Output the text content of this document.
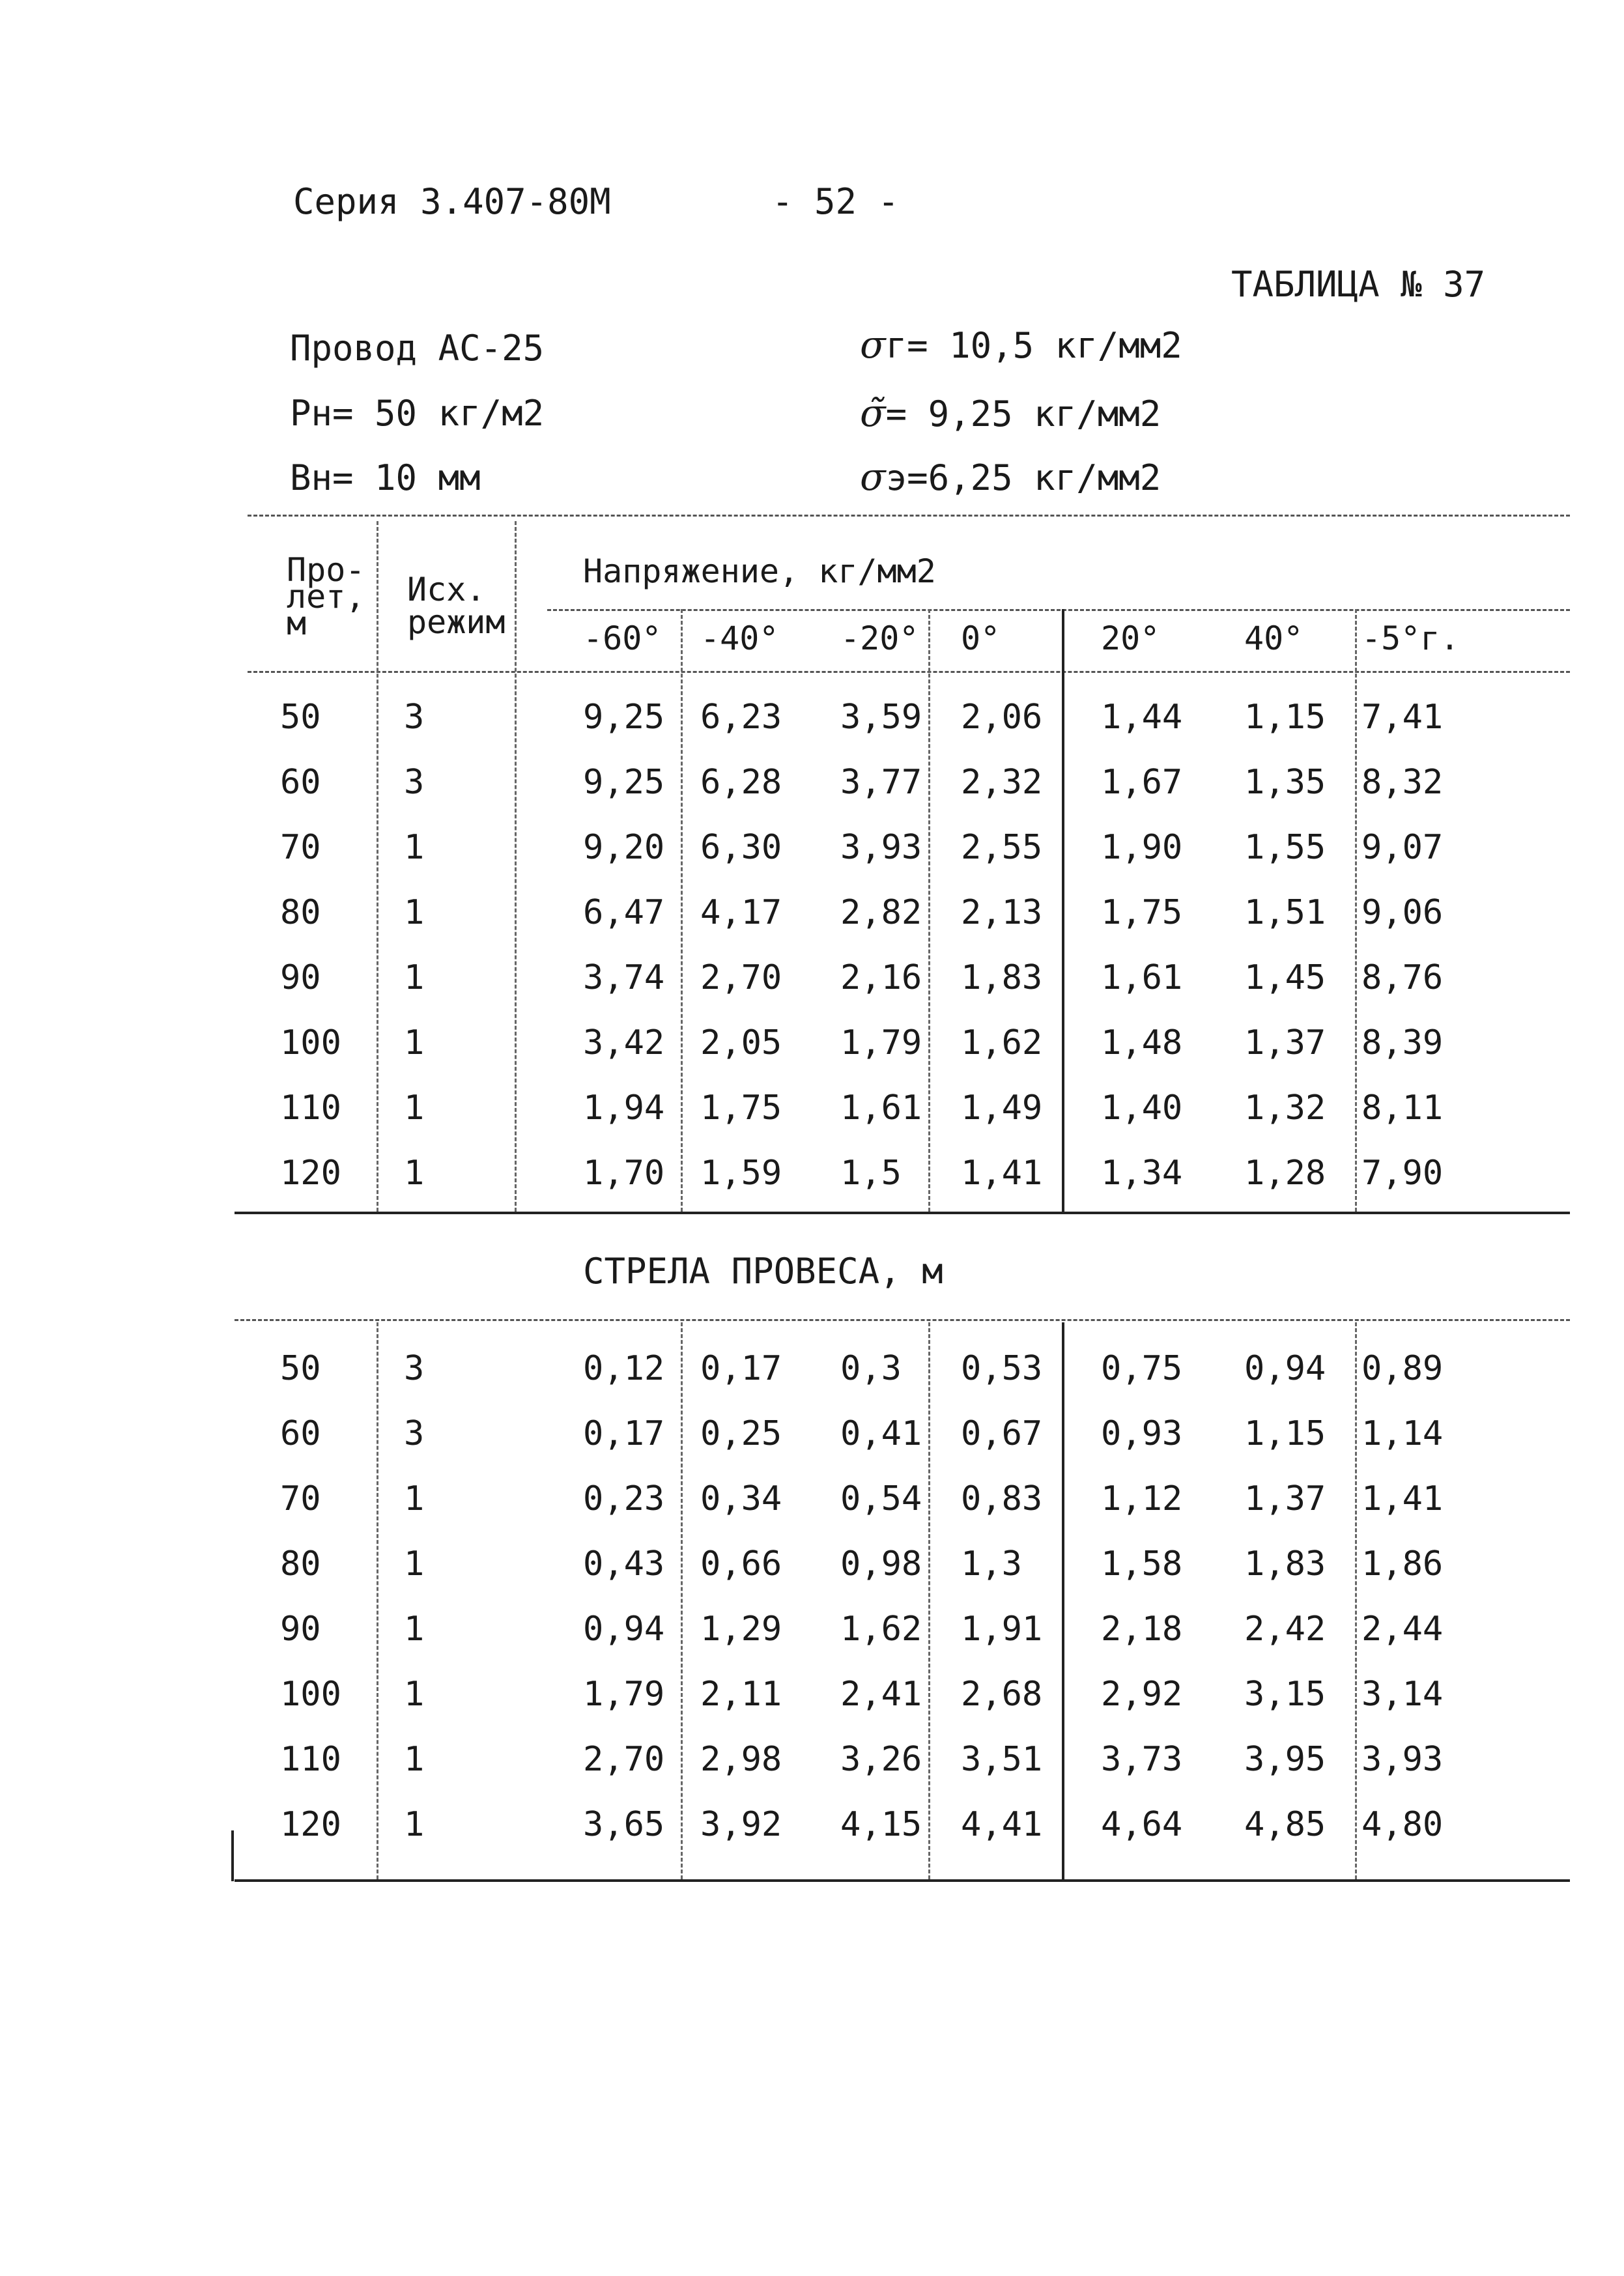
Серия 3.407-80М	- 52 -
ТАБЛИЦА № 37
Провод АС-25
Рн= 50 кг/м2
Вн= 10 мм
σг= 10,5 кг/мм2
σ̃= 9,25 кг/мм2
σэ=6,25 кг/мм2
Про-
лет,
м
Исх.
режим
Напряжение, кг/мм2
-60° -40° -20° 0°	20°	40° -5°г.
50 3	9,25 6,23 3,59 2,06 1,44 1,15 7,41
60 3	9,25 6,28 3,77 2,32 1,67 1,35 8,32
70 1	9,20 6,30 3,93 2,55 1,90 1,55 9,07
80 1	6,47 4,17 2,82 2,13 1,75 1,51 9,06
90 1	3,74 2,70 2,16 1,83 1,61 1,45 8,76
100 1	3,42 2,05 1,79 1,62 1,48 1,37 8,39
110 1	1,94 1,75 1,61 1,49 1,40 1,32 8,11
120 1	1,70 1,59 1,5 1,41 1,34 1,28 7,90
СТРЕЛА ПРОВЕСА, м
50 3	0,12 0,17 0,3 0,53 0,75 0,94 0,89
60 3	0,17 0,25 0,41 0,67 0,93 1,15 1,14
70 1	0,23 0,34 0,54 0,83 1,12 1,37 1,41
80 1	0,43 0,66 0,98 1,3 1,58 1,83 1,86
90 1	0,94 1,29 1,62 1,91 2,18 2,42 2,44
100 1	1,79 2,11 2,41 2,68 2,92 3,15 3,14
110 1	2,70 2,98 3,26 3,51 3,73 3,95 3,93
120 1	3,65 3,92 4,15 4,41 4,64 4,85 4,80
